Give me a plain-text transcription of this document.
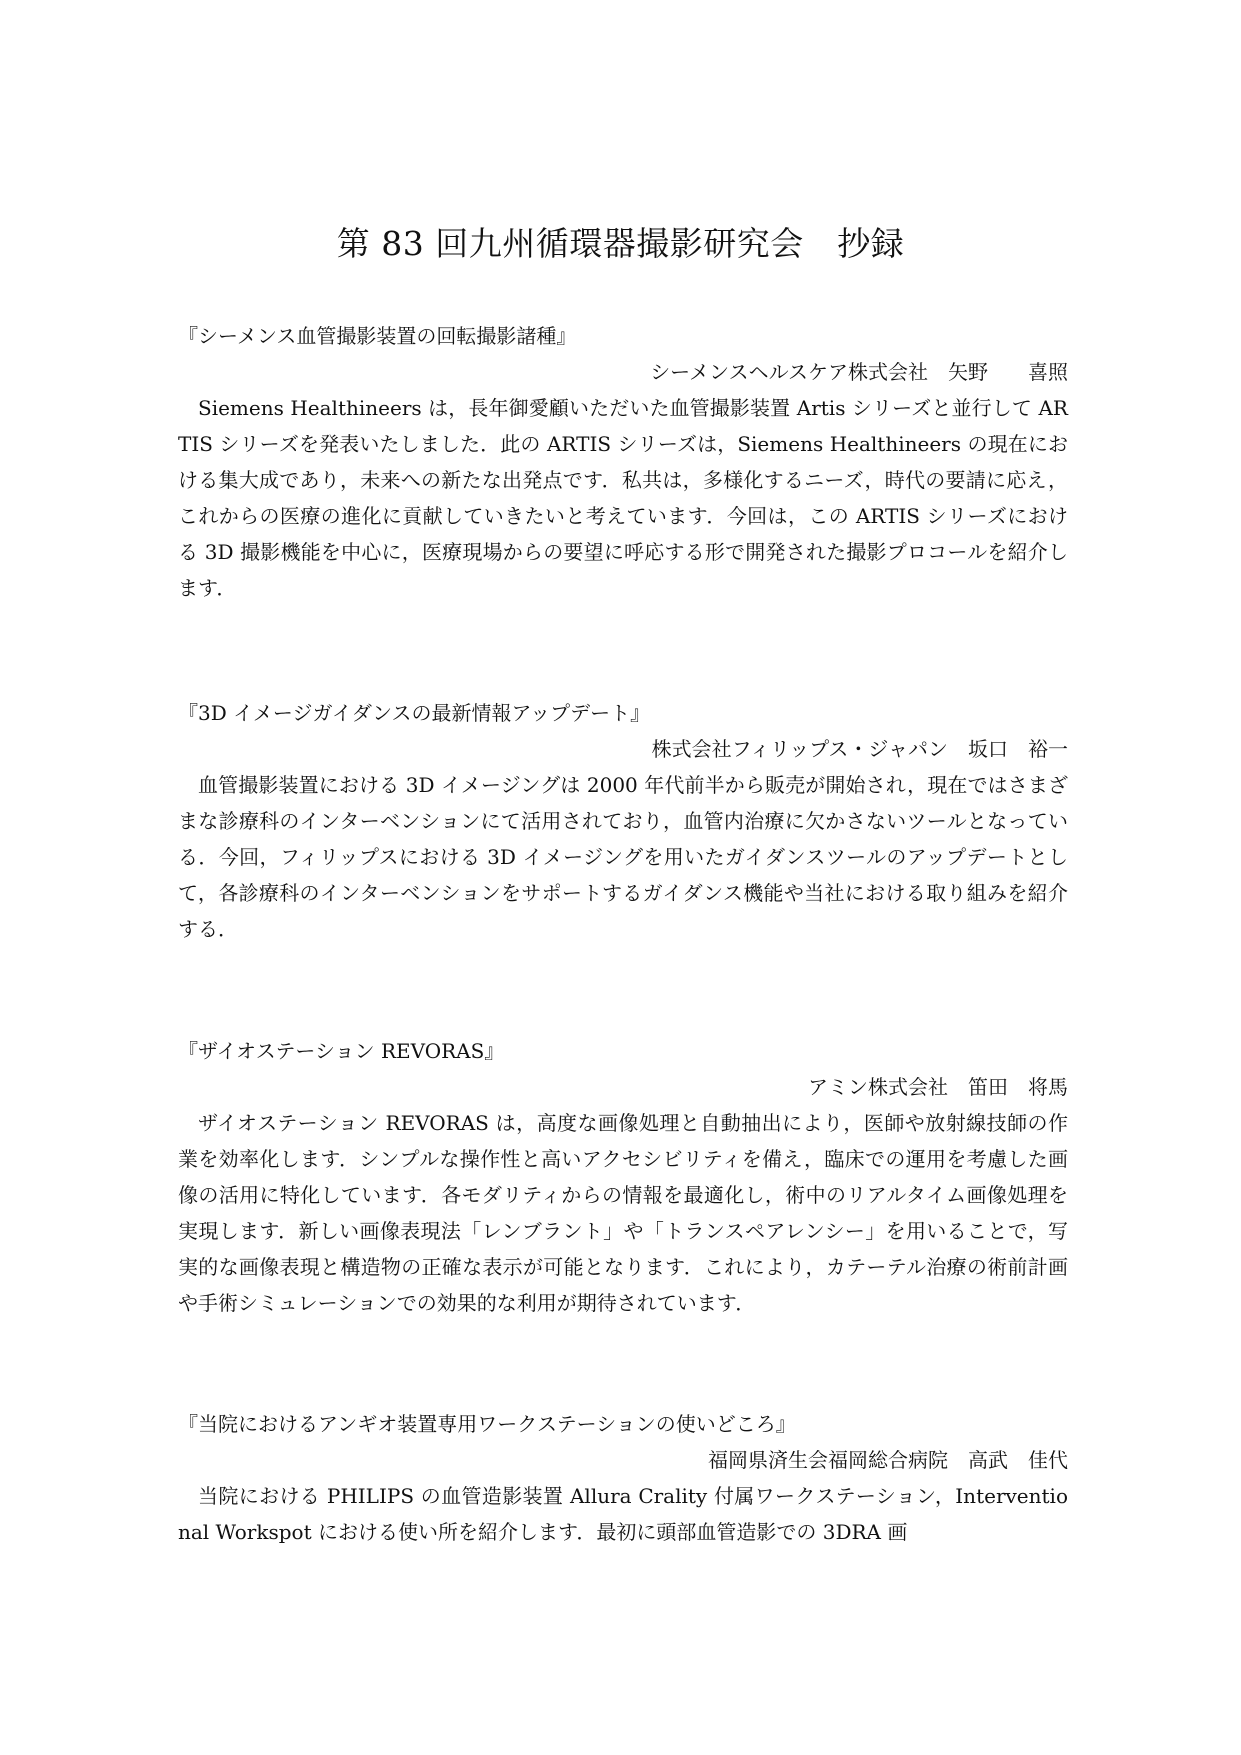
第 83 回九州循環器撮影研究会　抄録

『シーメンス血管撮影装置の回転撮影諸種』

シーメンスヘルスケア株式会社　矢野　　喜照

Siemens Healthineers は，長年御愛顧いただいた血管撮影装置 Artis シリーズと並行して ARTIS シリーズを発表いたしました．此の ARTIS シリーズは，Siemens Healthineers の現在における集大成であり，未来への新たな出発点です．私共は，多様化するニーズ，時代の要請に応え，これからの医療の進化に貢献していきたいと考えています．今回は，この ARTIS シリーズにおける 3D 撮影機能を中心に，医療現場からの要望に呼応する形で開発された撮影プロコールを紹介します．

『3D イメージガイダンスの最新情報アップデート』

株式会社フィリップス・ジャパン　坂口　裕一

血管撮影装置における 3D イメージングは 2000 年代前半から販売が開始され，現在ではさまざまな診療科のインターベンションにて活用されており，血管内治療に欠かさないツールとなっている．今回，フィリップスにおける 3D イメージングを用いたガイダンスツールのアップデートとして，各診療科のインターベンションをサポートするガイダンス機能や当社における取り組みを紹介する．

『ザイオステーション REVORAS』

アミン株式会社　笛田　将馬

ザイオステーション REVORAS は，高度な画像処理と自動抽出により，医師や放射線技師の作業を効率化します．シンプルな操作性と高いアクセシビリティを備え，臨床での運用を考慮した画像の活用に特化しています．各モダリティからの情報を最適化し，術中のリアルタイム画像処理を実現します．新しい画像表現法「レンブラント」や「トランスペアレンシー」を用いることで，写実的な画像表現と構造物の正確な表示が可能となります．これにより，カテーテル治療の術前計画や手術シミュレーションでの効果的な利用が期待されています．

『当院におけるアンギオ装置専用ワークステーションの使いどころ』

福岡県済生会福岡総合病院　高武　佳代

当院における PHILIPS の血管造影装置 Allura Crality 付属ワークステーション，Interventional Workspot における使い所を紹介します．最初に頭部血管造影での 3DRA 画
